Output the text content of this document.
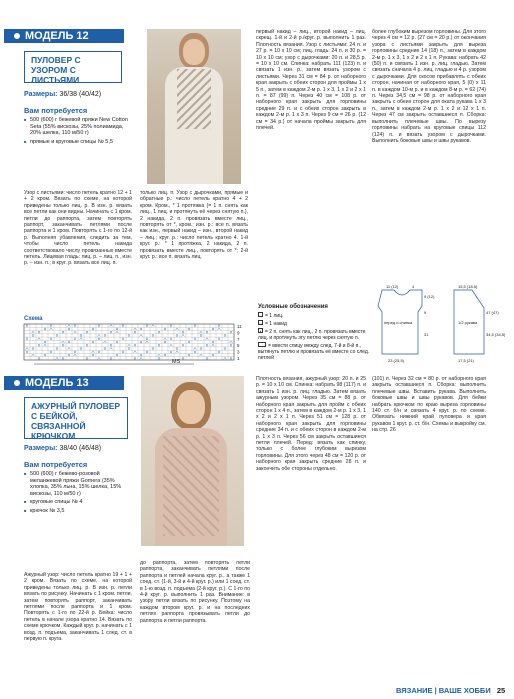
МОДЕЛЬ 12
ПУЛОВЕР С УЗОРОМ С ЛИСТЬЯМИ
Размеры: 36/38 (40/42)
Вам потребуется
■ 500 (600) г бежевой пряжи New Cotton Seta (55% вискозы, 25% полиамида, 20% шелка, 110 м/50 г)
■ прямые и круговые спицы № 5,5

Узор с листьями: число петель кратно 12 + 1 + 2 кром. Вязать по схеме, на которой приведены только лиц. р. В изн. р. вязать все петли как они видны. Начинать с 1 кром. петли до раппорта, затем повторять раппорт, заканчивать петлями после раппорта и 1 кром. Повторять с 1-го по 12-й р. Выполняя убавления, следить за тем, чтобы число петель накида соответствовало числу провязанных вместе петель. Лицевая гладь: лиц. р. – лиц. п., изн. р. – изн. п.; в круг. р. вязать все лиц. п.

только лиц. п. Узор с дырочками, прямые и обратные р.: число петель кратно 4 + 2 кром. Кром., * 1 протяжка (= 1 п. снять как лиц., 1 лиц. и протянуть её через снятую п.), 2 накида, 2 п. провязать вместе лиц., повторять от *, кром.; изн. р.: все п. вязать как изн., первый накид – изн., второй накид – лиц.; круг. р.: число петель кратно 4. 1-й круг. р.: * 1 протяжка, 2 накида, 2 п. провязать вместе лиц., повторять от *; 2-й круг. р.: все п. вязать лиц.

первый накид – лиц., второй накид – лиц. скрещ. 1-й и 2-й р./круг. р. выполнить 1 раз. Плотность вязания. Узор с листьями: 24 п. и 27 р. = 10 х 10 см; лиц. гладь: 24 п. и 30 р. = 10 х 10 см; узор с дырочками: 20 п. и 28,5 р. = 10 х 10 см. Спинка: набрать 111 (123) п. и связать 1 изн. р., затем вязать узором с листьями. Через 31 см = 84 р. от наборного края закрыть с обеих сторон для проймы 1 х 5 п., затем в каждом 2-м р. 1 х 3, 1 х 2 и 2 х 1 п. = 87 (99) п. Через 40 см = 108 р. от наборного края закрыть для горловины средние 29 п. и с обеих сторон закрыть в каждом 2-м р. 1 х 3 п. Через 9 см = 26 р. (12 см = 34 р.) от начала проймы закрыть для плечей.

более глубоким вырезом горловины. Для этого через 4 см = 12 р. (27 см = 20 р.) от окончания узора с листьями закрыть для выреза горловины средние 14 (18) п., затем в каждом 2-м р. 1 х 3, 1 х 2 и 2 х 1 п. Рукава: набрать 42 (50) п. и связать 1 изн. р. лиц. гладью. Затем связать сначала 4 р. лиц. гладью и 4 р. узором с дырочками. Для скосов прибавлять с обеих сторон, начиная от наборного края, 5 (0) х 11 п. в каждом 10-м р. и в каждом 8-м р. = 62 (74) п. Через 34,5 см = 98 р. от наборного края закрыть с обеих сторон для оката рукава 1 х 3 п., затем в каждом 2-м р. 1 х 2 и 12 х 1 п. Через 47 см закрыть оставшиеся п. Сборка: выполнить плечевые швы. По вырезу горловины набрать на круговые спицы 112 (124) п. и вязать узором с дырочками. Выполнить боковые швы и швы рукавов.

Схема
MS
11
9
7
5
3
1
Условные обозначения
= 1 лиц.
○ = 1 накид
∧ = 2 п. снять как лиц., 2 п. провязать вместе лиц. и протянуть эту петлю через снятую п.
= ввести спицу между след. 7-й и 8-й п., вытянуть петлю и провязать её вместе со след. петлей
перед и спинка	1/2 рукава
11 (12)	4	15,5 (18,5)
9 (12)
9
31	34,5 (34,5)
47 (47)
23 (25,5)	17,5 (21)
МОДЕЛЬ 13
АЖУРНЫЙ ПУЛОВЕР С БЕЙКОЙ, СВЯЗАННОЙ КРЮЧКОМ
Размеры: 38/40 (46/48)
Вам потребуется
■ 500 (600) г бежево-розовой меланжевой пряжи Gomera (35% хлопка, 35% льна, 15% шелка, 15% вискозы, 110 м/50 г)
■ круговые спицы № 4
■ крючок № 3,5

Ажурный узор: число петель кратно 19 + 1 + 2 кром. Вязать по схеме, на которой приведены только лиц. р. В изн. р. петли вязать по рисунку. Начинать с 1 кром. петли, затем повторять раппорт, заканчивать петлями после раппорта и 1 кром. Повторять с 1-го по 22-й р. Бейка: число петель в начале узора кратно 14. Вязать по схеме крючком. Каждый круг. р. начинать с 1 возд. п. подъема, заканчивать 1 соед. ст. в первую п. круга.

до раппорта, затем повторять петли раппорта, заканчивать петлями после раппорта и петлей начала круг. р., а также 1 соед. ст. (1-й, 3-й и 4-й круг. р.) или 1 соед. ст. в 1-ю возд. п. подъема (2-й круг. р.). С 1-го по 4-й круг. р. выполнить 1 раз. Внимание: в узору петли вязать по рисунку. Поэтому на каждом втором круг. р. и на последних петлях раппорта провязывать петли до раппорта и петли раппорта.

Плотность вязания, ажурный узор: 20 п. и 25 р. = 10 х 10 см. Спинка: набрать 98 (117) п. и связать 1 изн. р. лиц. гладью. Затем вязать ажурным узором. Через 35 см = 88 р. от наборного края закрыть для пройм с обеих сторон 1 х 4 п., затем в каждом 2-м р. 1 х 3, 1 х 2 и 2 х 1 п. Через 51 см = 128 р. от наборного края закрыть для горловины средние 34 п. и с обеих сторон в каждом 2-м р. 1 х 3 п. Через 56 см закрыть оставшиеся петли плечей. Перед: вязать как спинку, только с более глубоким вырезом горловины. Для этого через 48 см = 120 р. от наборного края закрыть средние 28 п. и закончить обе стороны отдельно.

(101) п. Через 32 см = 80 р. от наборного края закрыть оставшиеся п. Сборка: выполнить плечевые швы. Вставить рукава. Выполнить боковые швы и швы рукавов. Для бейки набрать крючком по краю выреза горловины 140 ст. б/н и связать 4 круг. р. по схеме. Обвязать нижний край пуловера и края рукавов 1 круг. р. ст. б/н. Схемы и выкройку см. на стр. 26

ВЯЗАНИЕ | ВАШЕ ХОББИ 25
